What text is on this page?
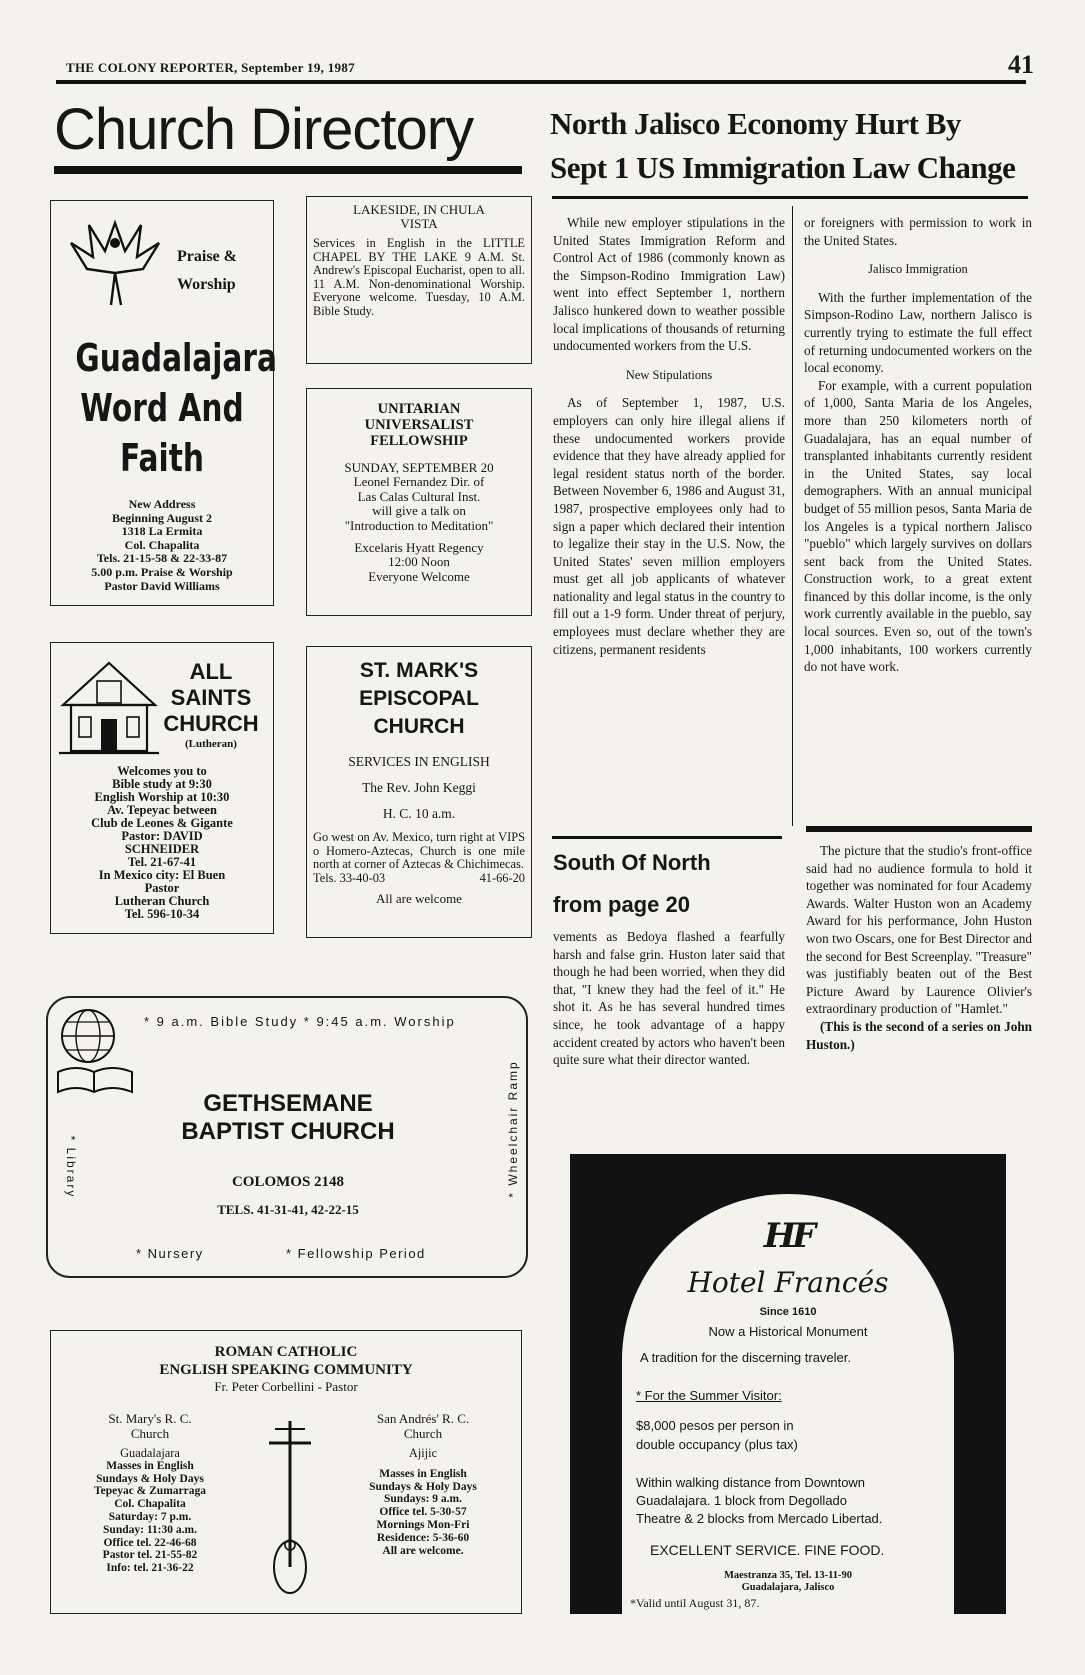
THE COLONY REPORTER, September 19, 1987	41
Church Directory
Praise &
Worship
Guadalajara
Word And
Faith
New Address
Beginning August 2
1318 La Ermita
Col. Chapalita
Tels. 21-15-58 & 22-33-87
5.00 p.m. Praise & Worship
Pastor David Williams
LAKESIDE, IN CHULA
VISTA
Services in English in the LITTLE CHAPEL BY THE LAKE 9 A.M. St. Andrew's Episcopal Eucharist, open to all. 11 A.M. Non-denominational Worship. Everyone welcome. Tuesday, 10 A.M. Bible Study.
UNITARIAN
UNIVERSALIST
FELLOWSHIP
SUNDAY, SEPTEMBER 20
Leonel Fernandez Dir. of
Las Calas Cultural Inst.
will give a talk on
"Introduction to Meditation"
Excelaris Hyatt Regency
12:00 Noon
Everyone Welcome
ALL
SAINTS
CHURCH
(Lutheran)
Welcomes you to
Bible study at 9:30
English Worship at 10:30
Av. Tepeyac between
Club de Leones & Gigante
Pastor: DAVID
SCHNEIDER
Tel. 21-67-41
In Mexico city: El Buen
Pastor
Lutheran Church
Tel. 596-10-34
ST. MARK'S
EPISCOPAL
CHURCH
SERVICES IN ENGLISH
The Rev. John Keggi
H. C. 10 a.m.
Go west on Av. Mexico, turn right at VIPS o Homero-Aztecas, Church is one mile north at corner of Aztecas & Chichimecas.
Tels. 33-40-03	41-66-20
All are welcome
* 9 a.m. Bible Study * 9:45 a.m. Worship
GETHSEMANE
BAPTIST CHURCH
COLOMOS 2148
TELS. 41-31-41, 42-22-15
* Nursery	* Fellowship Period
* Library	* Wheelchair Ramp
ROMAN CATHOLIC
ENGLISH SPEAKING COMMUNITY
Fr. Peter Corbellini - Pastor
St. Mary's R. C.
Church
Guadalajara
Masses in English
Sundays & Holy Days
Tepeyac & Zumarraga
Col. Chapalita
Saturday: 7 p.m.
Sunday: 11:30 a.m.
Office tel. 22-46-68
Pastor tel. 21-55-82
Info: tel. 21-36-22
San Andrés' R. C.
Church
Ajijic
Masses in English
Sundays & Holy Days
Sundays: 9 a.m.
Office tel. 5-30-57
Mornings Mon-Fri
Residence: 5-36-60
All are welcome.
North Jalisco Economy Hurt By
Sept 1 US Immigration Law Change

While new employer stipulations in the United States Immigration Reform and Control Act of 1986 (commonly known as the Simpson-Rodino Immigration Law) went into effect September 1, northern Jalisco hunkered down to weather possible local implications of thousands of returning undocumented workers from the U.S.

New Stipulations

As of September 1, 1987, U.S. employers can only hire illegal aliens if these undocumented workers provide evidence that they have already applied for legal resident status north of the border. Between November 6, 1986 and August 31, 1987, prospective employees only had to sign a paper which declared their intention to legalize their stay in the U.S. Now, the United States' seven million employers must get all job applicants of whatever nationality and legal status in the country to fill out a 1-9 form. Under threat of perjury, employees must declare whether they are citizens, permanent residents

or foreigners with permission to work in the United States.

Jalisco Immigration

With the further implementation of the Simpson-Rodino Law, northern Jalisco is currently trying to estimate the full effect of returning undocumented workers on the local economy.

For example, with a current population of 1,000, Santa Maria de los Angeles, more than 250 kilometers north of Guadalajara, has an equal number of transplanted inhabitants currently resident in the United States, say local demographers. With an annual municipal budget of 55 million pesos, Santa Maria de los Angeles is a typical northern Jalisco "pueblo" which largely survives on dollars sent back from the United States. Construction work, to a great extent financed by this dollar income, is the only work currently available in the pueblo, say local sources. Even so, out of the town's 1,000 inhabitants, 100 workers currently do not have work.

South Of North
from page 20

vements as Bedoya flashed a fearfully harsh and false grin. Huston later said that though he had been worried, when they did that, "I knew they had the feel of it." He shot it. As he has several hundred times since, he took advantage of a happy accident created by actors who haven't been quite sure what their director wanted.

The picture that the studio's front-office said had no audience formula to hold it together was nominated for four Academy Awards. Walter Huston won an Academy Award for his performance, John Huston won two Oscars, one for Best Director and the second for Best Screenplay. "Treasure" was justifiably beaten out of the Best Picture Award by Laurence Olivier's extraordinary production of "Hamlet."

(This is the second of a series on John Huston.)

HF
Hotel Francés
Since 1610
Now a Historical Monument
A tradition for the discerning traveler.
* For the Summer Visitor:
$8,000 pesos per person in
double occupancy (plus tax)
Within walking distance from Downtown
Guadalajara. 1 block from Degollado
Theatre & 2 blocks from Mercado Libertad.
EXCELLENT SERVICE. FINE FOOD.
Maestranza 35, Tel. 13-11-90
Guadalajara, Jalisco
*Valid until August 31, 87.
